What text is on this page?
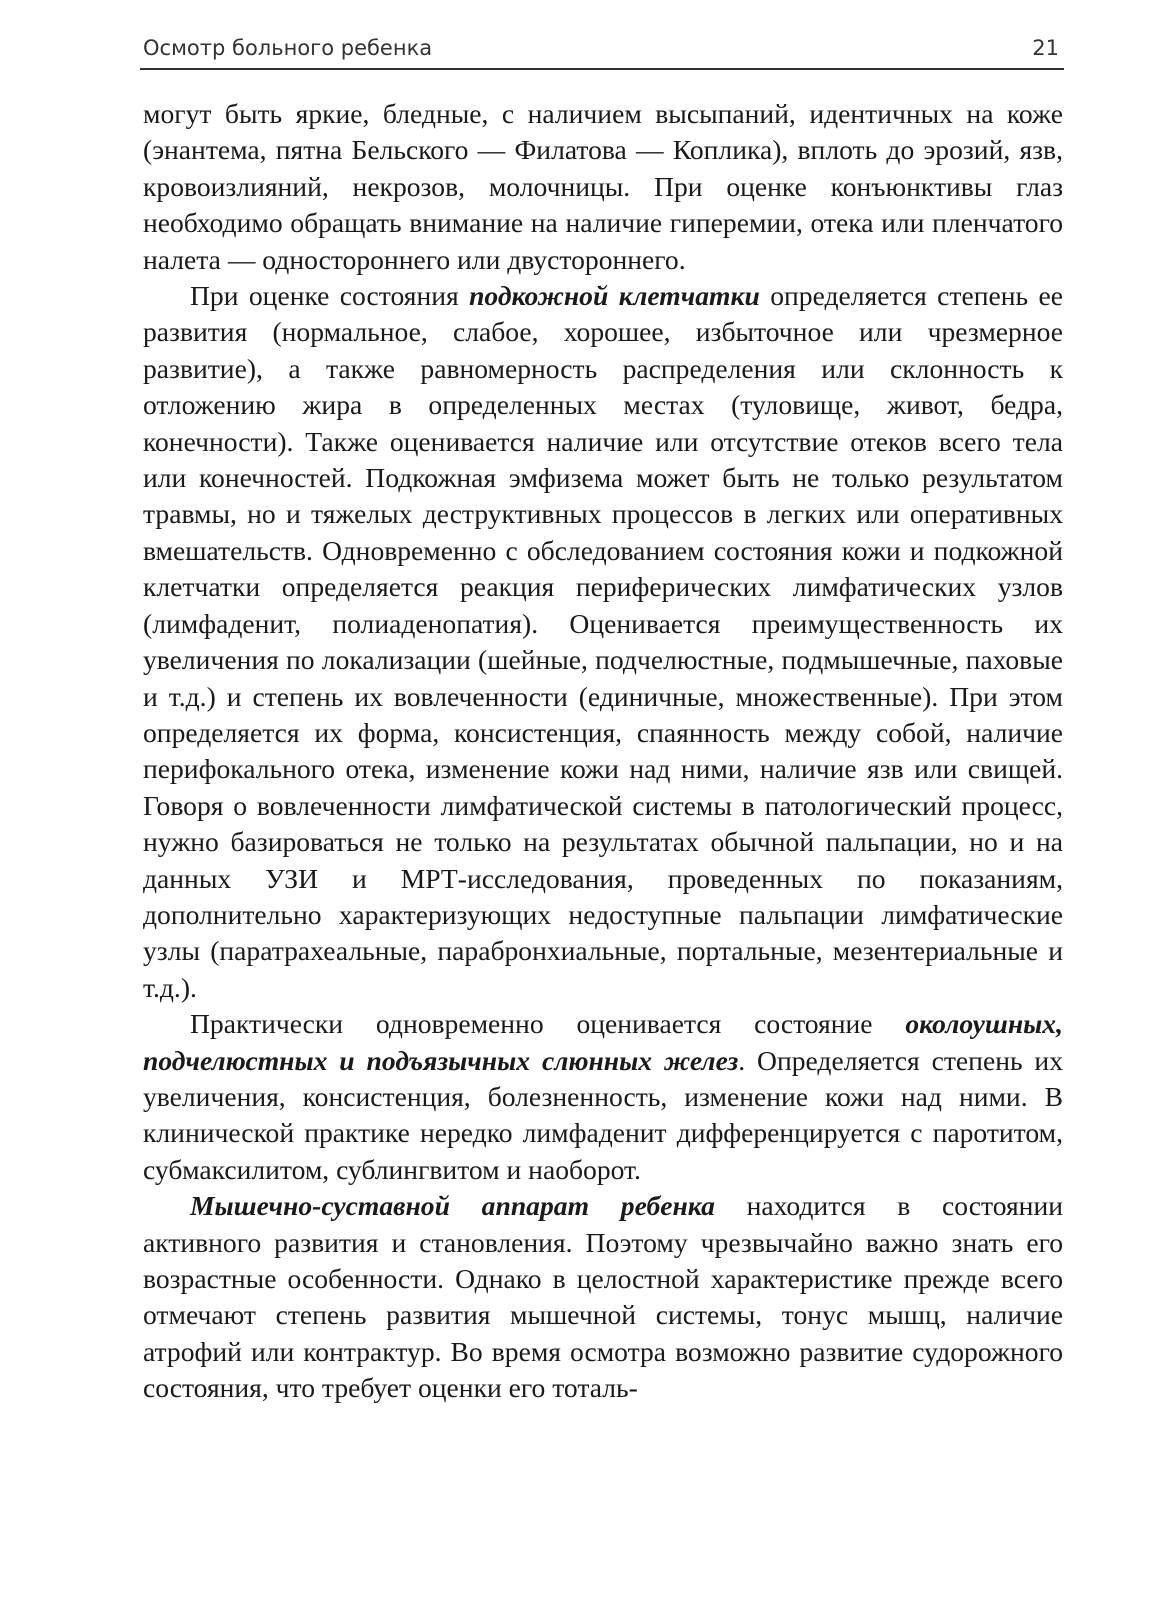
Осмотр больного ребенка	21

могут быть яркие, бледные, с наличием высыпаний, идентичных на коже (энантема, пятна Бельского — Филатова — Коплика), вплоть до эрозий, язв, кровоизлияний, некрозов, молочницы. При оценке конъюнктивы глаз необходимо обращать внимание на наличие гиперемии, отека или пленчатого налета — одностороннего или двустороннего.

При оценке состояния подкожной клетчатки определяется степень ее развития (нормальное, слабое, хорошее, избыточное или чрезмерное развитие), а также равномерность распределения или склонность к отложению жира в определенных местах (туловище, живот, бедра, конечности). Также оценивается наличие или отсутствие отеков всего тела или конечностей. Подкожная эмфизема может быть не только результатом травмы, но и тяжелых деструктивных процессов в легких или оперативных вмешательств. Одновременно с обследованием состояния кожи и подкожной клетчатки определяется реакция периферических лимфатических узлов (лимфаденит, полиаденопатия). Оценивается преимущественность их увеличения по локализации (шейные, подчелюстные, подмышечные, паховые и т.д.) и степень их вовлеченности (единичные, множественные). При этом определяется их форма, консистенция, спаянность между собой, наличие перифокального отека, изменение кожи над ними, наличие язв или свищей. Говоря о вовлеченности лимфатической системы в патологический процесс, нужно базироваться не только на результатах обычной пальпации, но и на данных УЗИ и МРТ-исследования, проведенных по показаниям, дополнительно характеризующих недоступные пальпации лимфатические узлы (паратрахеальные, парабронхиальные, портальные, мезентериальные и т.д.).

Практически одновременно оценивается состояние околоушных, подчелюстных и подъязычных слюнных желез. Определяется степень их увеличения, консистенция, болезненность, изменение кожи над ними. В клинической практике нередко лимфаденит дифференцируется с паротитом, субмаксилитом, сублингвитом и наоборот.

Мышечно-суставной аппарат ребенка находится в состоянии активного развития и становления. Поэтому чрезвычайно важно знать его возрастные особенности. Однако в целостной характеристике прежде всего отмечают степень развития мышечной системы, тонус мышц, наличие атрофий или контрактур. Во время осмотра возможно развитие судорожного состояния, что требует оценки его тоталь-
